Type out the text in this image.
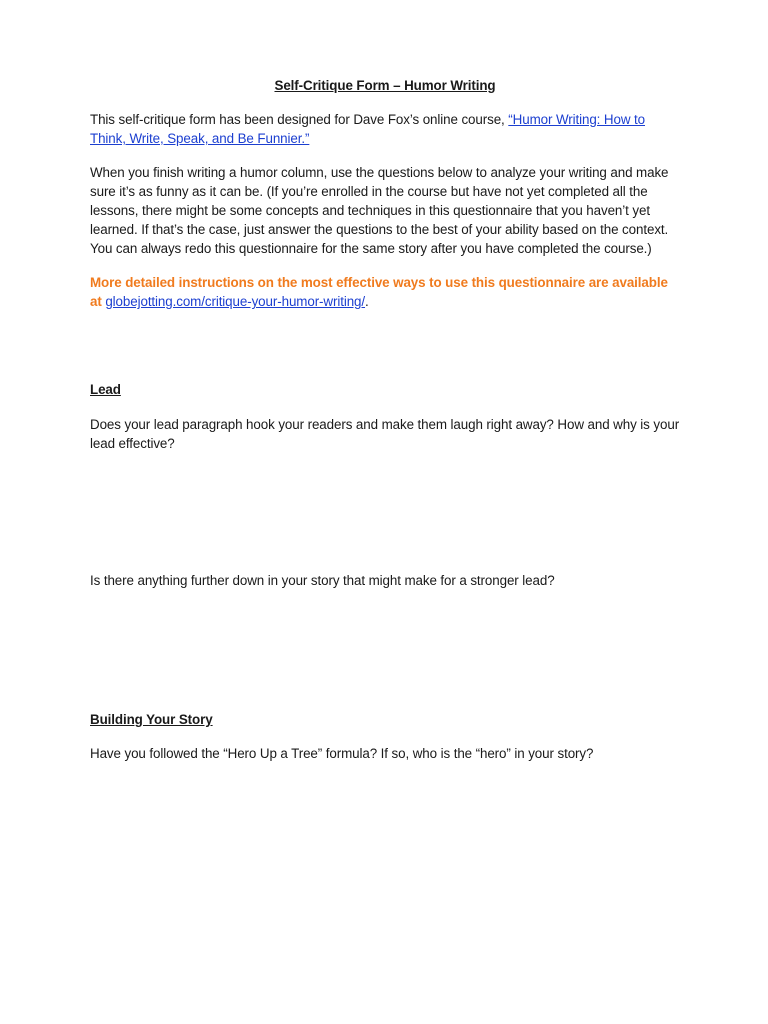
Self-Critique Form – Humor Writing

This self-critique form has been designed for Dave Fox’s online course, “Humor Writing: How to Think, Write, Speak, and Be Funnier.”

When you finish writing a humor column, use the questions below to analyze your writing and make sure it’s as funny as it can be. (If you’re enrolled in the course but have not yet completed all the lessons, there might be some concepts and techniques in this questionnaire that you haven’t yet learned. If that’s the case, just answer the questions to the best of your ability based on the context. You can always redo this questionnaire for the same story after you have completed the course.)

More detailed instructions on the most effective ways to use this questionnaire are available at globejotting.com/critique-your-humor-writing/.

Lead

Does your lead paragraph hook your readers and make them laugh right away? How and why is your lead effective?

Is there anything further down in your story that might make for a stronger lead?

Building Your Story

Have you followed the “Hero Up a Tree” formula? If so, who is the “hero” in your story?
